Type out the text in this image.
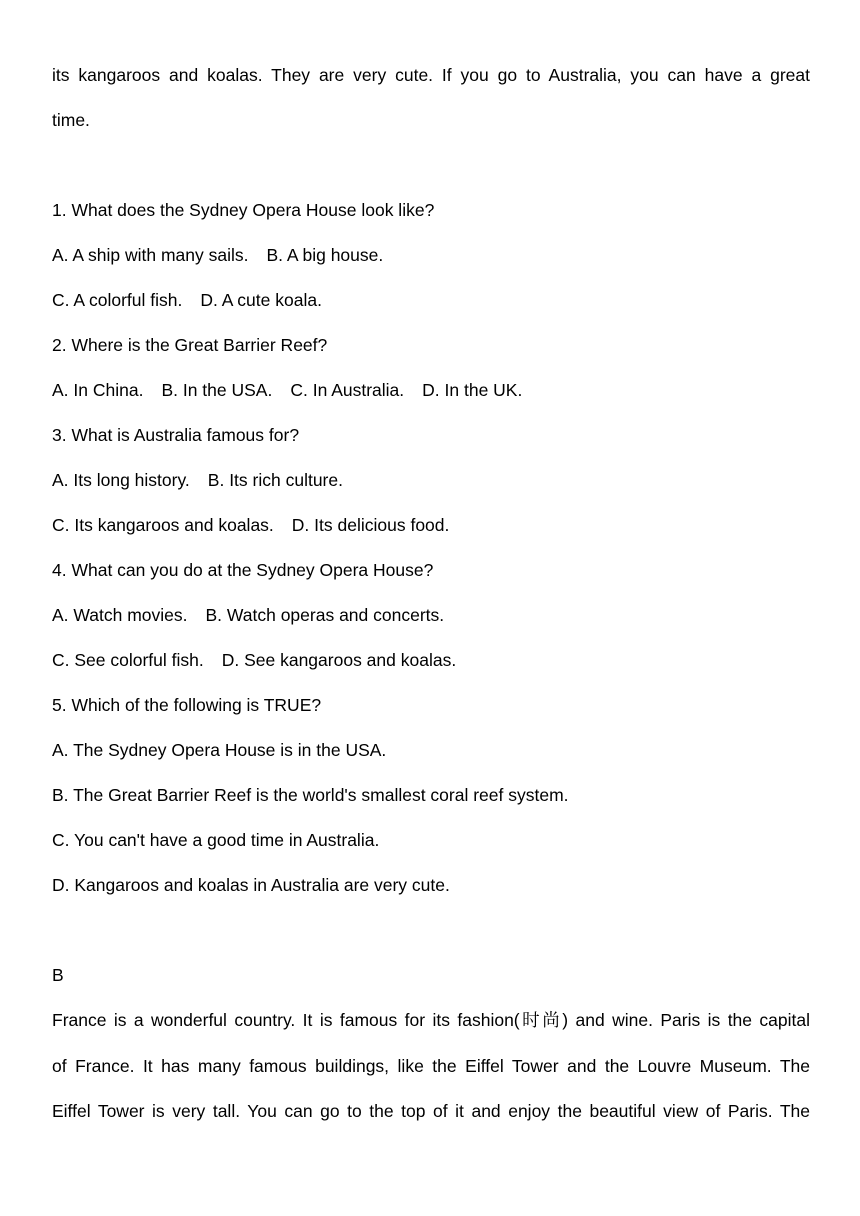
its kangaroos and koalas. They are very cute. If you go to Australia, you can have a great

time.

1. What does the Sydney Opera House look like?

A. A ship with many sails. B. A big house.

C. A colorful fish. D. A cute koala.

2. Where is the Great Barrier Reef?

A. In China. B. In the USA. C. In Australia. D. In the UK.

3. What is Australia famous for?

A. Its long history. B. Its rich culture.

C. Its kangaroos and koalas. D. Its delicious food.

4. What can you do at the Sydney Opera House?

A. Watch movies. B. Watch operas and concerts.

C. See colorful fish. D. See kangaroos and koalas.

5. Which of the following is TRUE?

A. The Sydney Opera House is in the USA.

B. The Great Barrier Reef is the world's smallest coral reef system.

C. You can't have a good time in Australia.

D. Kangaroos and koalas in Australia are very cute.

B

France is a wonderful country. It is famous for its fashion(时尚) and wine. Paris is the capital

of France. It has many famous buildings, like the Eiffel Tower and the Louvre Museum. The

Eiffel Tower is very tall. You can go to the top of it and enjoy the beautiful view of Paris. The
